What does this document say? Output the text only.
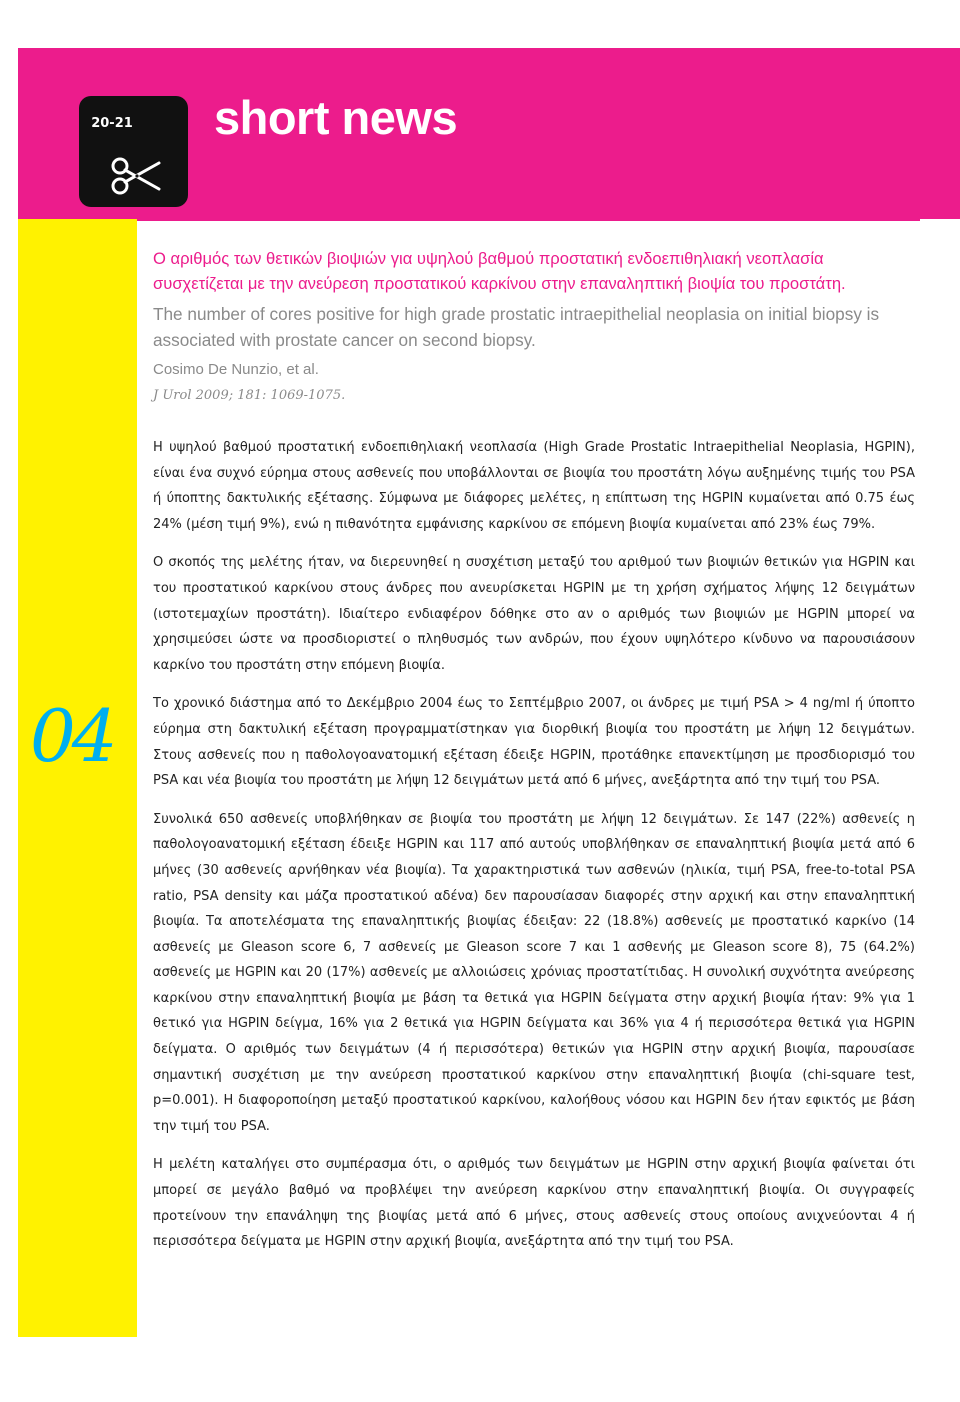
20-21 short news
04

Ο αριθμός των θετικών βιοψιών για υψηλού βαθμού προστατική ενδοεπιθηλιακή νεοπλασία συσχετίζεται με την ανεύρεση προστατικού καρκίνου στην επαναληπτική βιοψία του προστάτη.

The number of cores positive for high grade prostatic intraepithelial neoplasia on initial biopsy is associated with prostate cancer on second biopsy.

Cosimo De Nunzio, et al.

J Urol 2009; 181: 1069-1075.

Η υψηλού βαθμού προστατική ενδοεπιθηλιακή νεοπλασία (High Grade Prostatic Intraepithelial Neoplasia, HGPIN), είναι ένα συχνό εύρημα στους ασθενείς που υποβάλλονται σε βιοψία του προστάτη λόγω αυξημένης τιμής του PSA ή ύποπτης δακτυλικής εξέτασης. Σύμφωνα με διάφορες μελέτες, η επίπτωση της HGPIN κυμαίνεται από 0.75 έως 24% (μέση τιμή 9%), ενώ η πιθανότητα εμφάνισης καρκίνου σε επόμενη βιοψία κυμαίνεται από 23% έως 79%.

Ο σκοπός της μελέτης ήταν, να διερευνηθεί η συσχέτιση μεταξύ του αριθμού των βιοψιών θετικών για HGPIN και του προστατικού καρκίνου στους άνδρες που ανευρίσκεται HGPIN με τη χρήση σχήματος λήψης 12 δειγμάτων (ιστοτεμαχίων προστάτη). Ιδιαίτερο ενδιαφέρον δόθηκε στο αν ο αριθμός των βιοψιών με HGPIN μπορεί να χρησιμεύσει ώστε να προσδιοριστεί ο πληθυσμός των ανδρών, που έχουν υψηλότερο κίνδυνο να παρουσιάσουν καρκίνο του προστάτη στην επόμενη βιοψία.

Το χρονικό διάστημα από το Δεκέμβριο 2004 έως το Σεπτέμβριο 2007, οι άνδρες με τιμή PSA > 4 ng/ml ή ύποπτο εύρημα στη δακτυλική εξέταση προγραμματίστηκαν για διορθική βιοψία του προστάτη με λήψη 12 δειγμάτων. Στους ασθενείς που η παθολογοανατομική εξέταση έδειξε HGPIN, προτάθηκε επανεκτίμηση με προσδιορισμό του PSA και νέα βιοψία του προστάτη με λήψη 12 δειγμάτων μετά από 6 μήνες, ανεξάρτητα από την τιμή του PSA.

Συνολικά 650 ασθενείς υποβλήθηκαν σε βιοψία του προστάτη με λήψη 12 δειγμάτων. Σε 147 (22%) ασθενείς η παθολογοανατομική εξέταση έδειξε HGPIN και 117 από αυτούς υποβλήθηκαν σε επαναληπτική βιοψία μετά από 6 μήνες (30 ασθενείς αρνήθηκαν νέα βιοψία). Τα χαρακτηριστικά των ασθενών (ηλικία, τιμή PSA, free-to-total PSA ratio, PSA density και μάζα προστατικού αδένα) δεν παρουσίασαν διαφορές στην αρχική και στην επαναληπτική βιοψία. Τα αποτελέσματα της επαναληπτικής βιοψίας έδειξαν: 22 (18.8%) ασθενείς με προστατικό καρκίνο (14 ασθενείς με Gleason score 6, 7 ασθενείς με Gleason score 7 και 1 ασθενής με Gleason score 8), 75 (64.2%) ασθενείς με HGPIN και 20 (17%) ασθενείς με αλλοιώσεις χρόνιας προστατίτιδας. Η συνολική συχνότητα ανεύρεσης καρκίνου στην επαναληπτική βιοψία με βάση τα θετικά για HGPIN δείγματα στην αρχική βιοψία ήταν: 9% για 1 θετικό για HGPIN δείγμα, 16% για 2 θετικά για HGPIN δείγματα και 36% για 4 ή περισσότερα θετικά για HGPIN δείγματα. Ο αριθμός των δειγμάτων (4 ή περισσότερα) θετικών για HGPIN στην αρχική βιοψία, παρουσίασε σημαντική συσχέτιση με την ανεύρεση προστατικού καρκίνου στην επαναληπτική βιοψία (chi-square test, p=0.001). Η διαφοροποίηση μεταξύ προστατικού καρκίνου, καλοήθους νόσου και HGPIN δεν ήταν εφικτός με βάση την τιμή του PSA.

Η μελέτη καταλήγει στο συμπέρασμα ότι, ο αριθμός των δειγμάτων με HGPIN στην αρχική βιοψία φαίνεται ότι μπορεί σε μεγάλο βαθμό να προβλέψει την ανεύρεση καρκίνου στην επαναληπτική βιοψία. Οι συγγραφείς προτείνουν την επανάληψη της βιοψίας μετά από 6 μήνες, στους ασθενείς στους οποίους ανιχνεύονται 4 ή περισσότερα δείγματα με HGPIN στην αρχική βιοψία, ανεξάρτητα από την τιμή του PSA.
